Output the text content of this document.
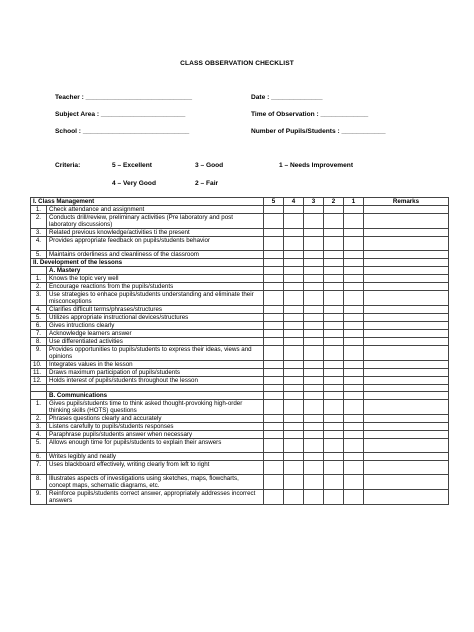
CLASS OBSERVATION CHECKLIST
Teacher : _____________________________	Date : ______________
Subject Area : _______________________	Time of Observation : _____________
School : _____________________________	Number of Pupils/Students : ____________
Criteria:	5 – Excellent	3 – Good	1 – Needs Improvement
4 – Very Good	2 – Fair
I. Class Management		5	4	3	2	1	Remarks
1.	Check attendance and assignment						
2.	Conducts drill/review, preliminary activities (Pre laboratory and post laboratory discussions)						
3.	Related previous knowledge/activities ti the present						
4.	Provides appropriate feedback on pupils/students behavior						
5.	Maintains orderliness and cleanliness of the classroom						
II. Development of the lessons							
	A. Mastery						
1.	Knows the topic very well						
2.	Encourage reactions from the pupils/students						
3.	Use strategies to enhace pupils/students understanding and eliminate their misconceptions						
4.	Clarifies difficult terms/phrases/structures						
5.	Utilizes appropriate instructional devices/structures						
6.	Gives intructions clearly						
7.	Acknowledge learners answer						
8.	Use differentiated activities						
9.	Provides opportunities to pupils/students to express their ideas, views and opinions						
10.	Integrates values in the lesson						
11.	Draws maximum participation of pupils/students						
12.	Holds interest of pupils/students throughout the lesson						

	B. Communications						
1.	Gives pupils/students time to think asked thought-provoking high-order thinking skills (HOTS) questions						
2.	Phrases questions clearly and accurately						
3.	Listens carefully to pupils/students responses						
4.	Paraphrase pupils/students answer when necessary						
5.	Allows enough time for pupils/students to explain their answers						
6.	Writes legibly and neatly						
7.	Uses blackboard effectively, writing clearly from left to right						
8.	Illustrates aspects of investigations using sketches, maps, flowcharts, concept maps, schematic diagrams, etc.						
9.	Reinforce pupils/students correct answer, appropriately addresses incorrect answers						
